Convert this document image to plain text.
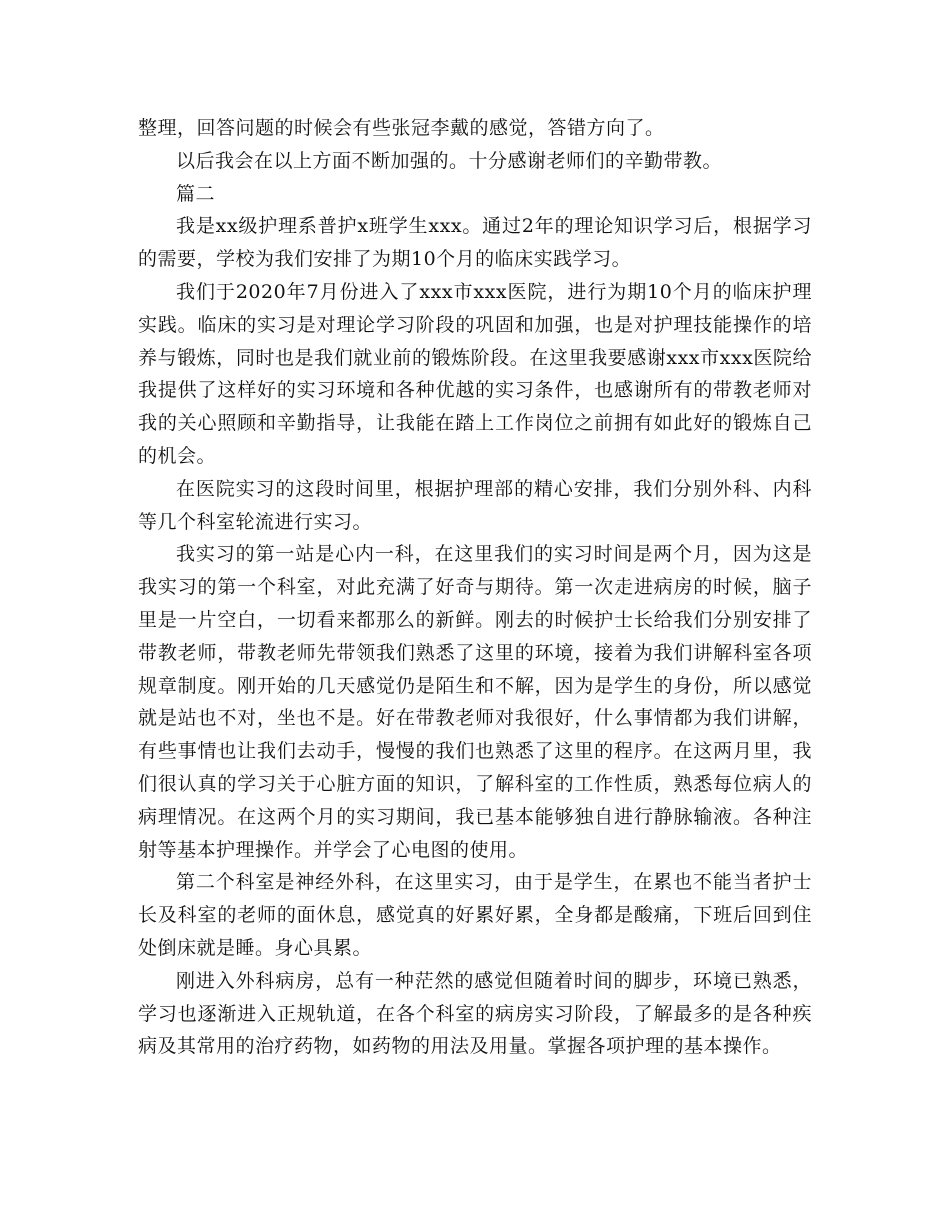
整理，回答问题的时候会有些张冠李戴的感觉，答错方向了。

以后我会在以上方面不断加强的。十分感谢老师们的辛勤带教。

篇二

我是xx级护理系普护x班学生xxx。通过2年的理论知识学习后，根据学习的需要，学校为我们安排了为期10个月的临床实践学习。

我们于2020年7月份进入了xxx市xxx医院，进行为期10个月的临床护理实践。临床的实习是对理论学习阶段的巩固和加强，也是对护理技能操作的培养与锻炼，同时也是我们就业前的锻炼阶段。在这里我要感谢xxx市xxx医院给我提供了这样好的实习环境和各种优越的实习条件，也感谢所有的带教老师对我的关心照顾和辛勤指导，让我能在踏上工作岗位之前拥有如此好的锻炼自己的机会。

在医院实习的这段时间里，根据护理部的精心安排，我们分别外科、内科等几个科室轮流进行实习。

我实习的第一站是心内一科，在这里我们的实习时间是两个月，因为这是我实习的第一个科室，对此充满了好奇与期待。第一次走进病房的时候，脑子里是一片空白，一切看来都那么的新鲜。刚去的时候护士长给我们分别安排了带教老师，带教老师先带领我们熟悉了这里的环境，接着为我们讲解科室各项规章制度。刚开始的几天感觉仍是陌生和不解，因为是学生的身份，所以感觉就是站也不对，坐也不是。好在带教老师对我很好，什么事情都为我们讲解，有些事情也让我们去动手，慢慢的我们也熟悉了这里的程序。在这两月里，我们很认真的学习关于心脏方面的知识，了解科室的工作性质，熟悉每位病人的病理情况。在这两个月的实习期间，我已基本能够独自进行静脉输液。各种注射等基本护理操作。并学会了心电图的使用。

第二个科室是神经外科，在这里实习，由于是学生，在累也不能当者护士长及科室的老师的面休息，感觉真的好累好累，全身都是酸痛，下班后回到住处倒床就是睡。身心具累。

刚进入外科病房，总有一种茫然的感觉但随着时间的脚步，环境已熟悉，学习也逐渐进入正规轨道，在各个科室的病房实习阶段，了解最多的是各种疾病及其常用的治疗药物，如药物的用法及用量。掌握各项护理的基本操作。
